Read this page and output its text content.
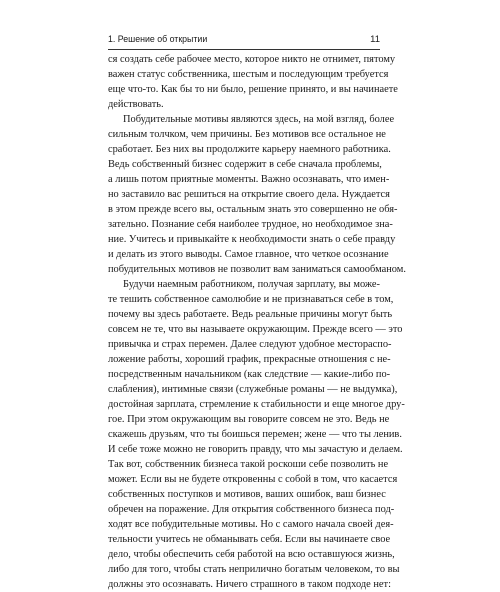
1. Решение об открытии	11
ся создать себе рабочее место, которое никто не отнимет, пятому
важен статус собственника, шестым и последующим требуется
еще что-то. Как бы то ни было, решение принято, и вы начинаете
действовать.
Побудительные мотивы являются здесь, на мой взгляд, более
сильным толчком, чем причины. Без мотивов все остальное не
сработает. Без них вы продолжите карьеру наемного работника.
Ведь собственный бизнес содержит в себе сначала проблемы,
а лишь потом приятные моменты. Важно осознавать, что имен-
но заставило вас решиться на открытие своего дела. Нуждается
в этом прежде всего вы, остальным знать это совершенно не обя-
зательно. Познание себя наиболее трудное, но необходимое зна-
ние. Учитесь и привыкайте к необходимости знать о себе правду
и делать из этого выводы. Самое главное, что четкое осознание
побудительных мотивов не позволит вам заниматься самообманом.
Будучи наемным работником, получая зарплату, вы може-
те тешить собственное самолюбие и не признаваться себе в том,
почему вы здесь работаете. Ведь реальные причины могут быть
совсем не те, что вы называете окружающим. Прежде всего — это
привычка и страх перемен. Далее следуют удобное местораспо-
ложение работы, хороший график, прекрасные отношения с не-
посредственным начальником (как следствие — какие-либо по-
слабления), интимные связи (служебные романы — не выдумка),
достойная зарплата, стремление к стабильности и еще многое дру-
гое. При этом окружающим вы говорите совсем не это. Ведь не
скажешь друзьям, что ты боишься перемен; жене — что ты ленив.
И себе тоже можно не говорить правду, что мы зачастую и делаем.
Так вот, собственник бизнеса такой роскоши себе позволить не
может. Если вы не будете откровенны с собой в том, что касается
собственных поступков и мотивов, ваших ошибок, ваш бизнес
обречен на поражение. Для открытия собственного бизнеса под-
ходят все побудительные мотивы. Но с самого начала своей дея-
тельности учитесь не обманывать себя. Если вы начинаете свое
дело, чтобы обеспечить себя работой на всю оставшуюся жизнь,
либо для того, чтобы стать неприлично богатым человеком, то вы
должны это осознавать. Ничего страшного в таком подходе нет:
